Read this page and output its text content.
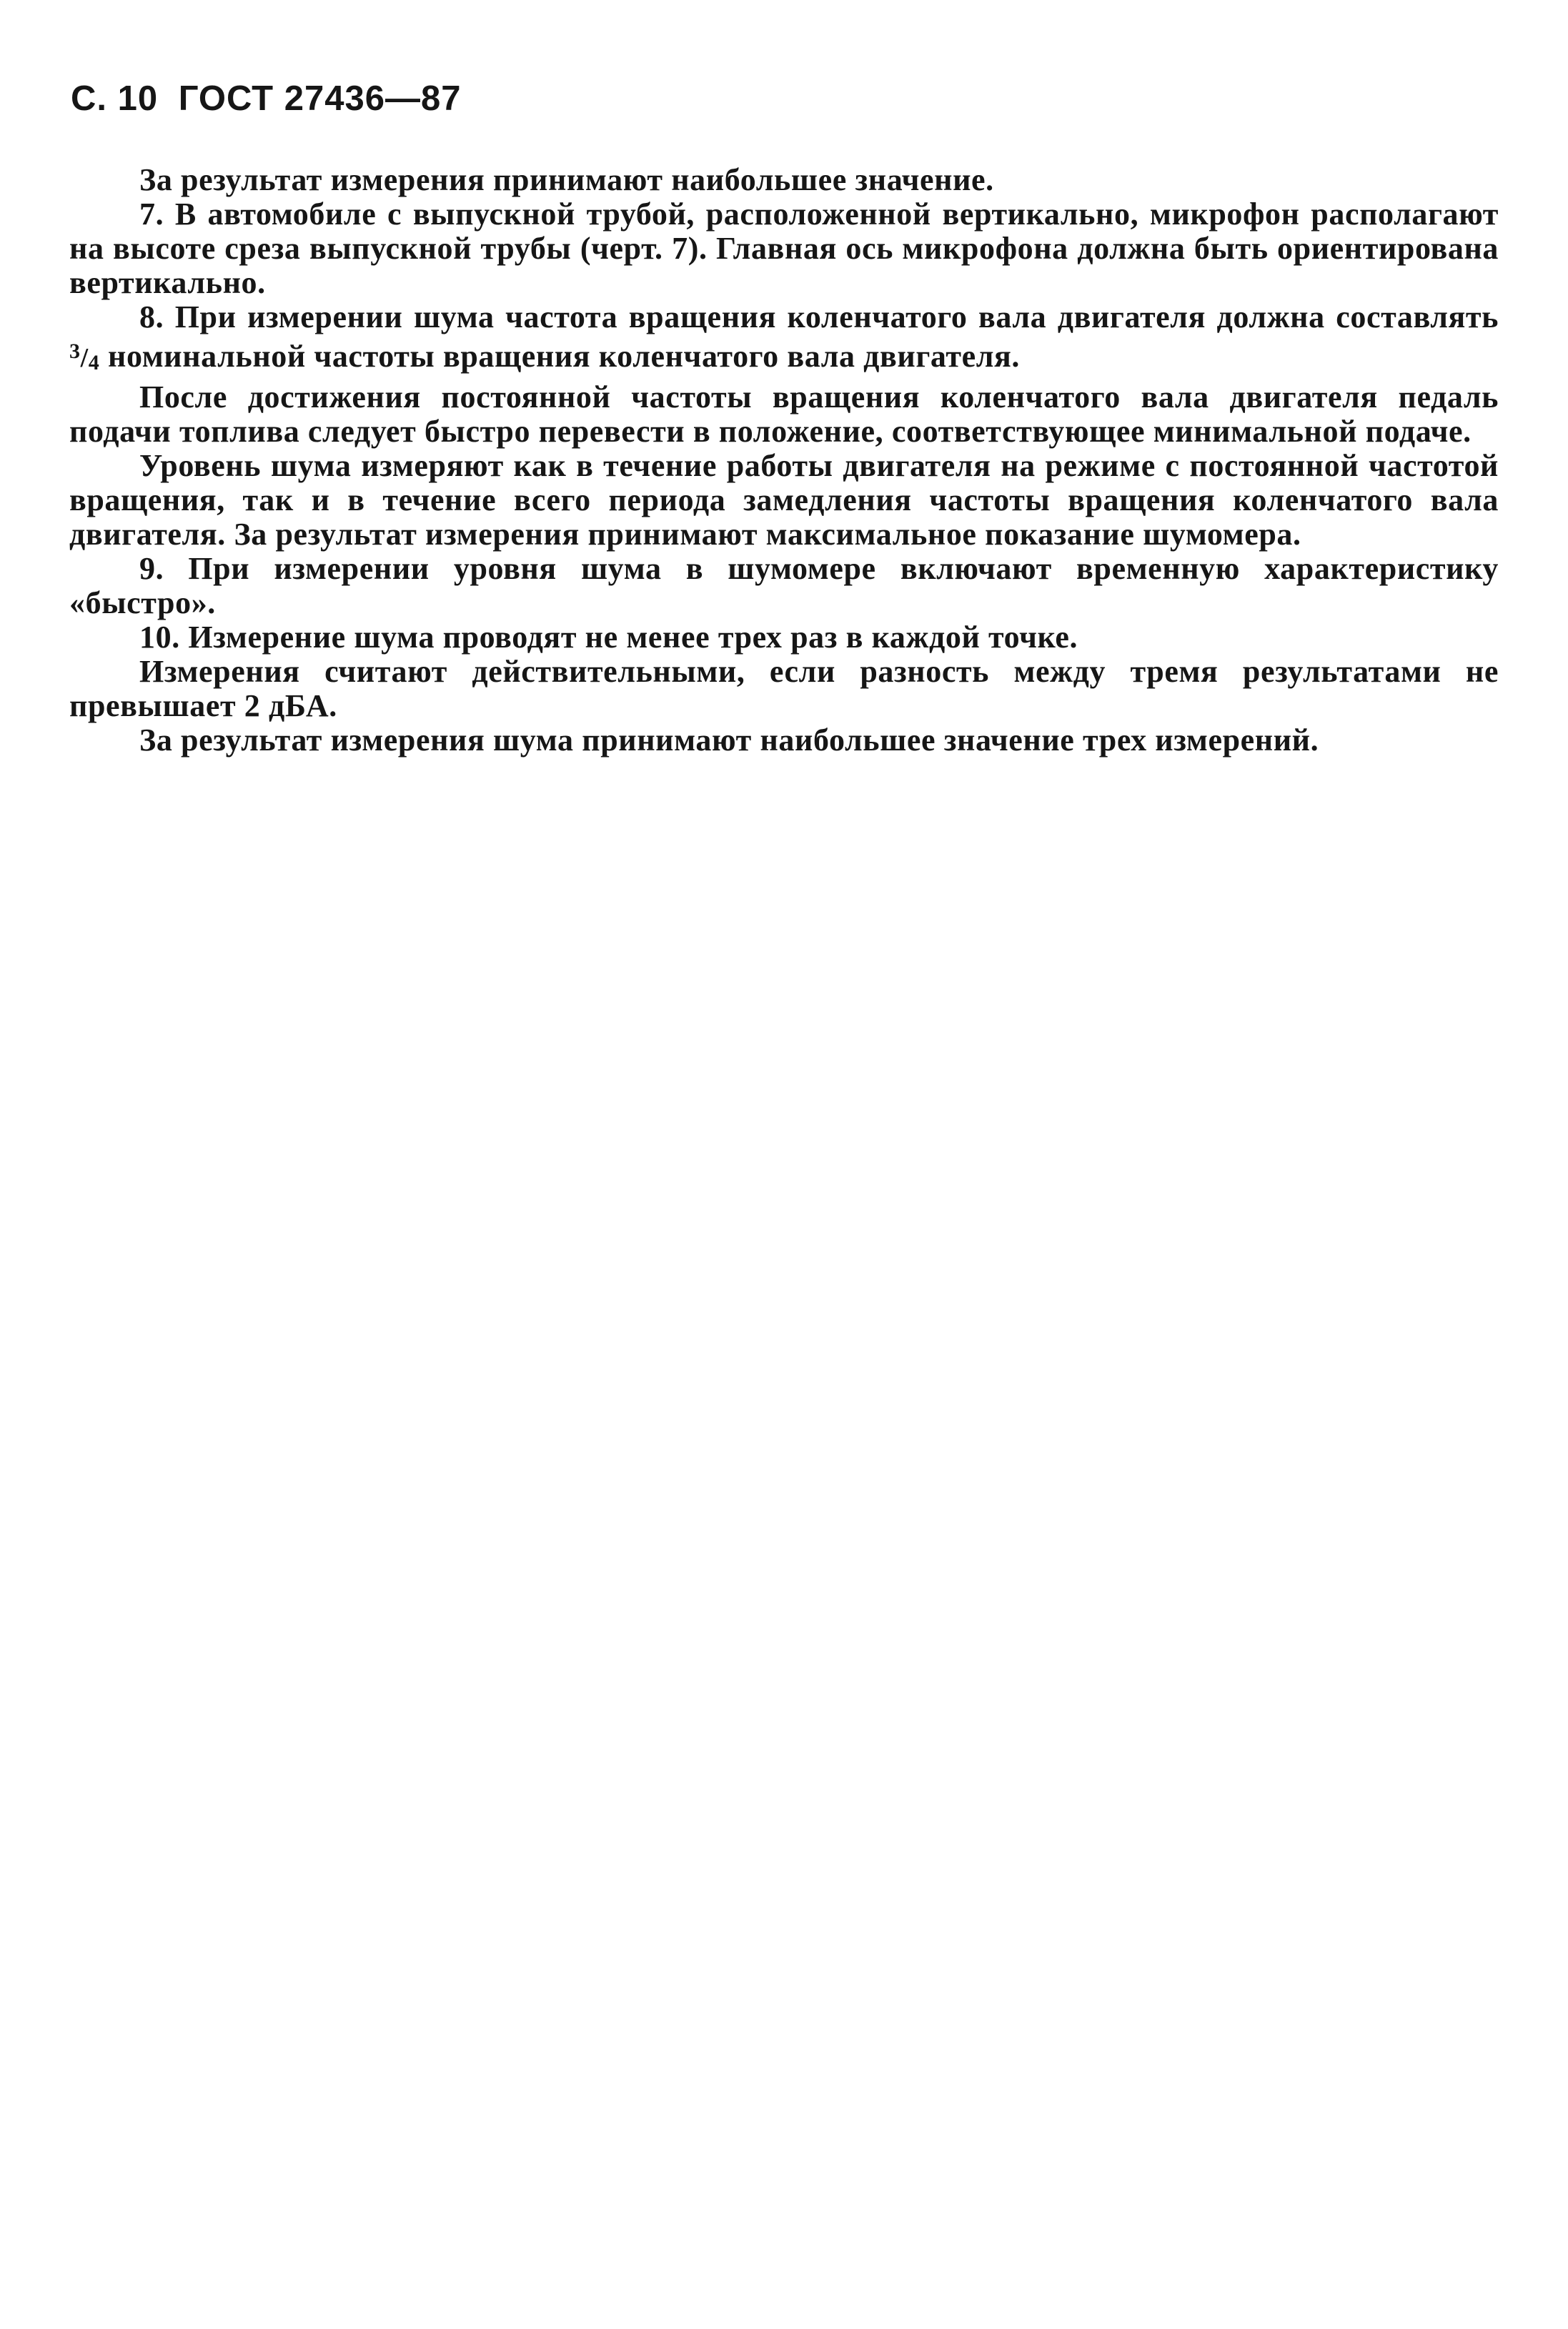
С. 10 ГОСТ 27436—87

За результат измерения принимают наибольшее значение.

7. В автомобиле с выпускной трубой, расположенной вертикально, микрофон располагают на высоте среза выпускной трубы (черт. 7). Главная ось микрофона должна быть ориентирована вертикально.

8. При измерении шума частота вращения коленчатого вала двигателя должна составлять $^3$/4 номинальной частоты вращения коленчатого вала двигателя.

После достижения постоянной частоты вращения коленчатого вала двигателя педаль подачи топлива следует быстро перевести в положение, соответствующее минимальной подаче.

Уровень шума измеряют как в течение работы двигателя на режиме с постоянной частотой вращения, так и в течение всего периода замедления частоты вращения коленчатого вала двигателя. За результат измерения принимают максимальное показание шумомера.

9. При измерении уровня шума в шумомере включают временную характеристику «быстро».

10. Измерение шума проводят не менее трех раз в каждой точке.

Измерения считают действительными, если разность между тремя результатами не превышает 2 дБА.

За результат измерения шума принимают наибольшее значение трех измерений.
